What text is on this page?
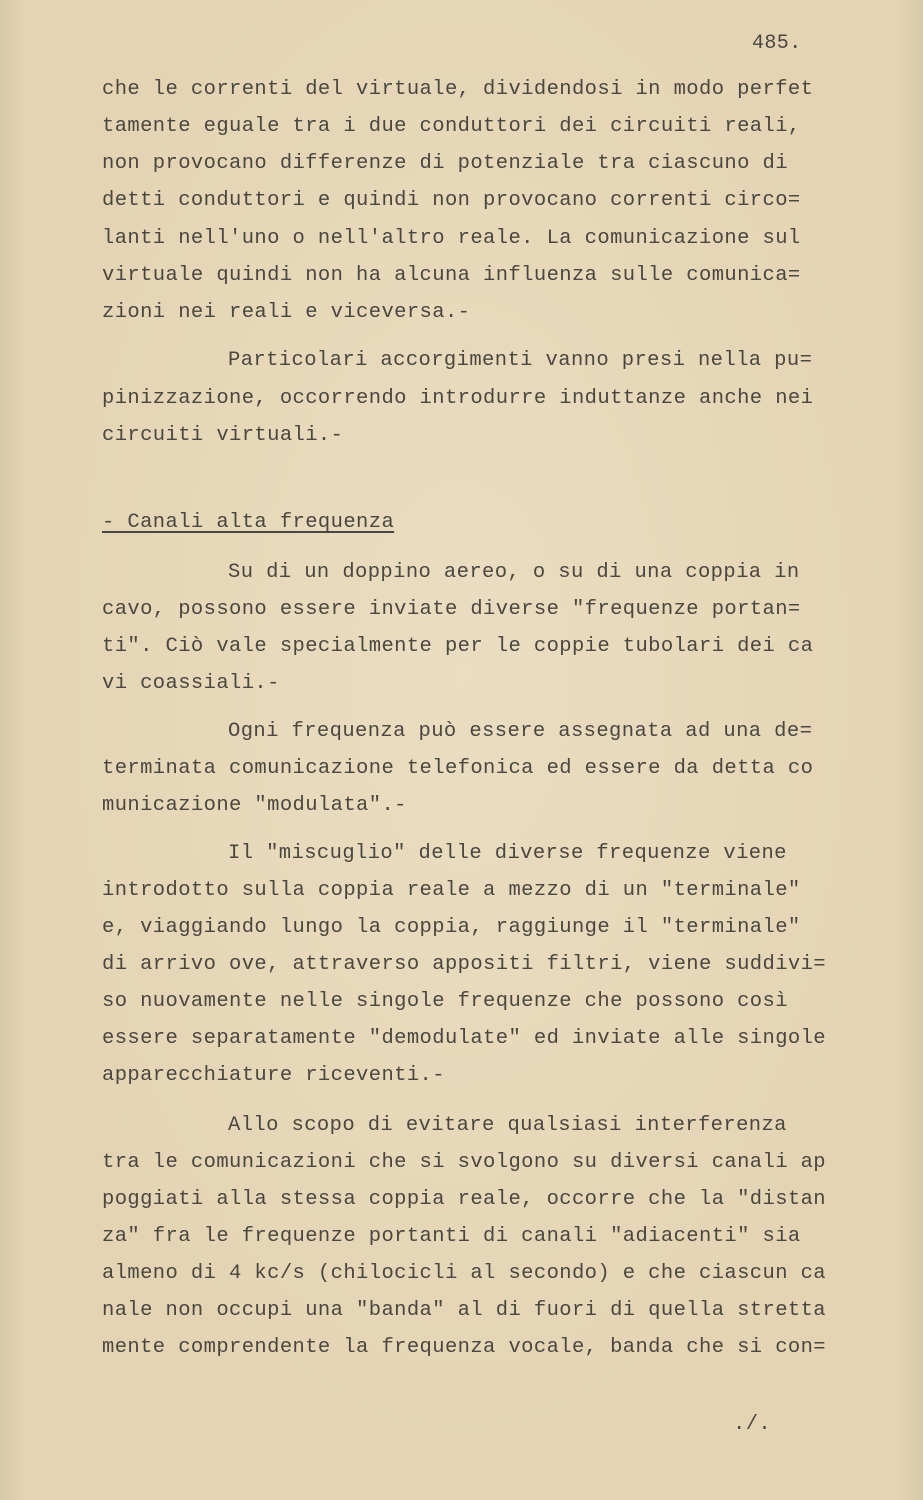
485.
che le correnti del virtuale, dividendosi in modo perfet
tamente eguale tra i due conduttori dei circuiti reali,
non provocano differenze di potenziale tra ciascuno di
detti conduttori e quindi non provocano correnti circo=
lanti nell'uno o nell'altro reale. La comunicazione sul
virtuale quindi non ha alcuna influenza sulle comunica=
zioni nei reali e viceversa.-
Particolari accorgimenti vanno presi nella pu=
pinizzazione, occorrendo introdurre induttanze anche nei
circuiti virtuali.-
- Canali alta frequenza
Su di un doppino aereo, o su di una coppia in
cavo, possono essere inviate diverse "frequenze portan=
ti". Ciò vale specialmente per le coppie tubolari dei ca
vi coassiali.-
Ogni frequenza può essere assegnata ad una de=
terminata comunicazione telefonica ed essere da detta co
municazione "modulata".-
Il "miscuglio" delle diverse frequenze viene
introdotto sulla coppia reale a mezzo di un "terminale"
e, viaggiando lungo la coppia, raggiunge il "terminale"
di arrivo ove, attraverso appositi filtri, viene suddivi=
so nuovamente nelle singole frequenze che possono così
essere separatamente "demodulate" ed inviate alle singole
apparecchiature riceventi.-
Allo scopo di evitare qualsiasi interferenza
tra le comunicazioni che si svolgono su diversi canali ap
poggiati alla stessa coppia reale, occorre che la "distan
za" fra le frequenze portanti di canali "adiacenti" sia
almeno di 4 kc/s (chilocicli al secondo) e che ciascun ca
nale non occupi una "banda" al di fuori di quella stretta
mente comprendente la frequenza vocale, banda che si con=
./.
